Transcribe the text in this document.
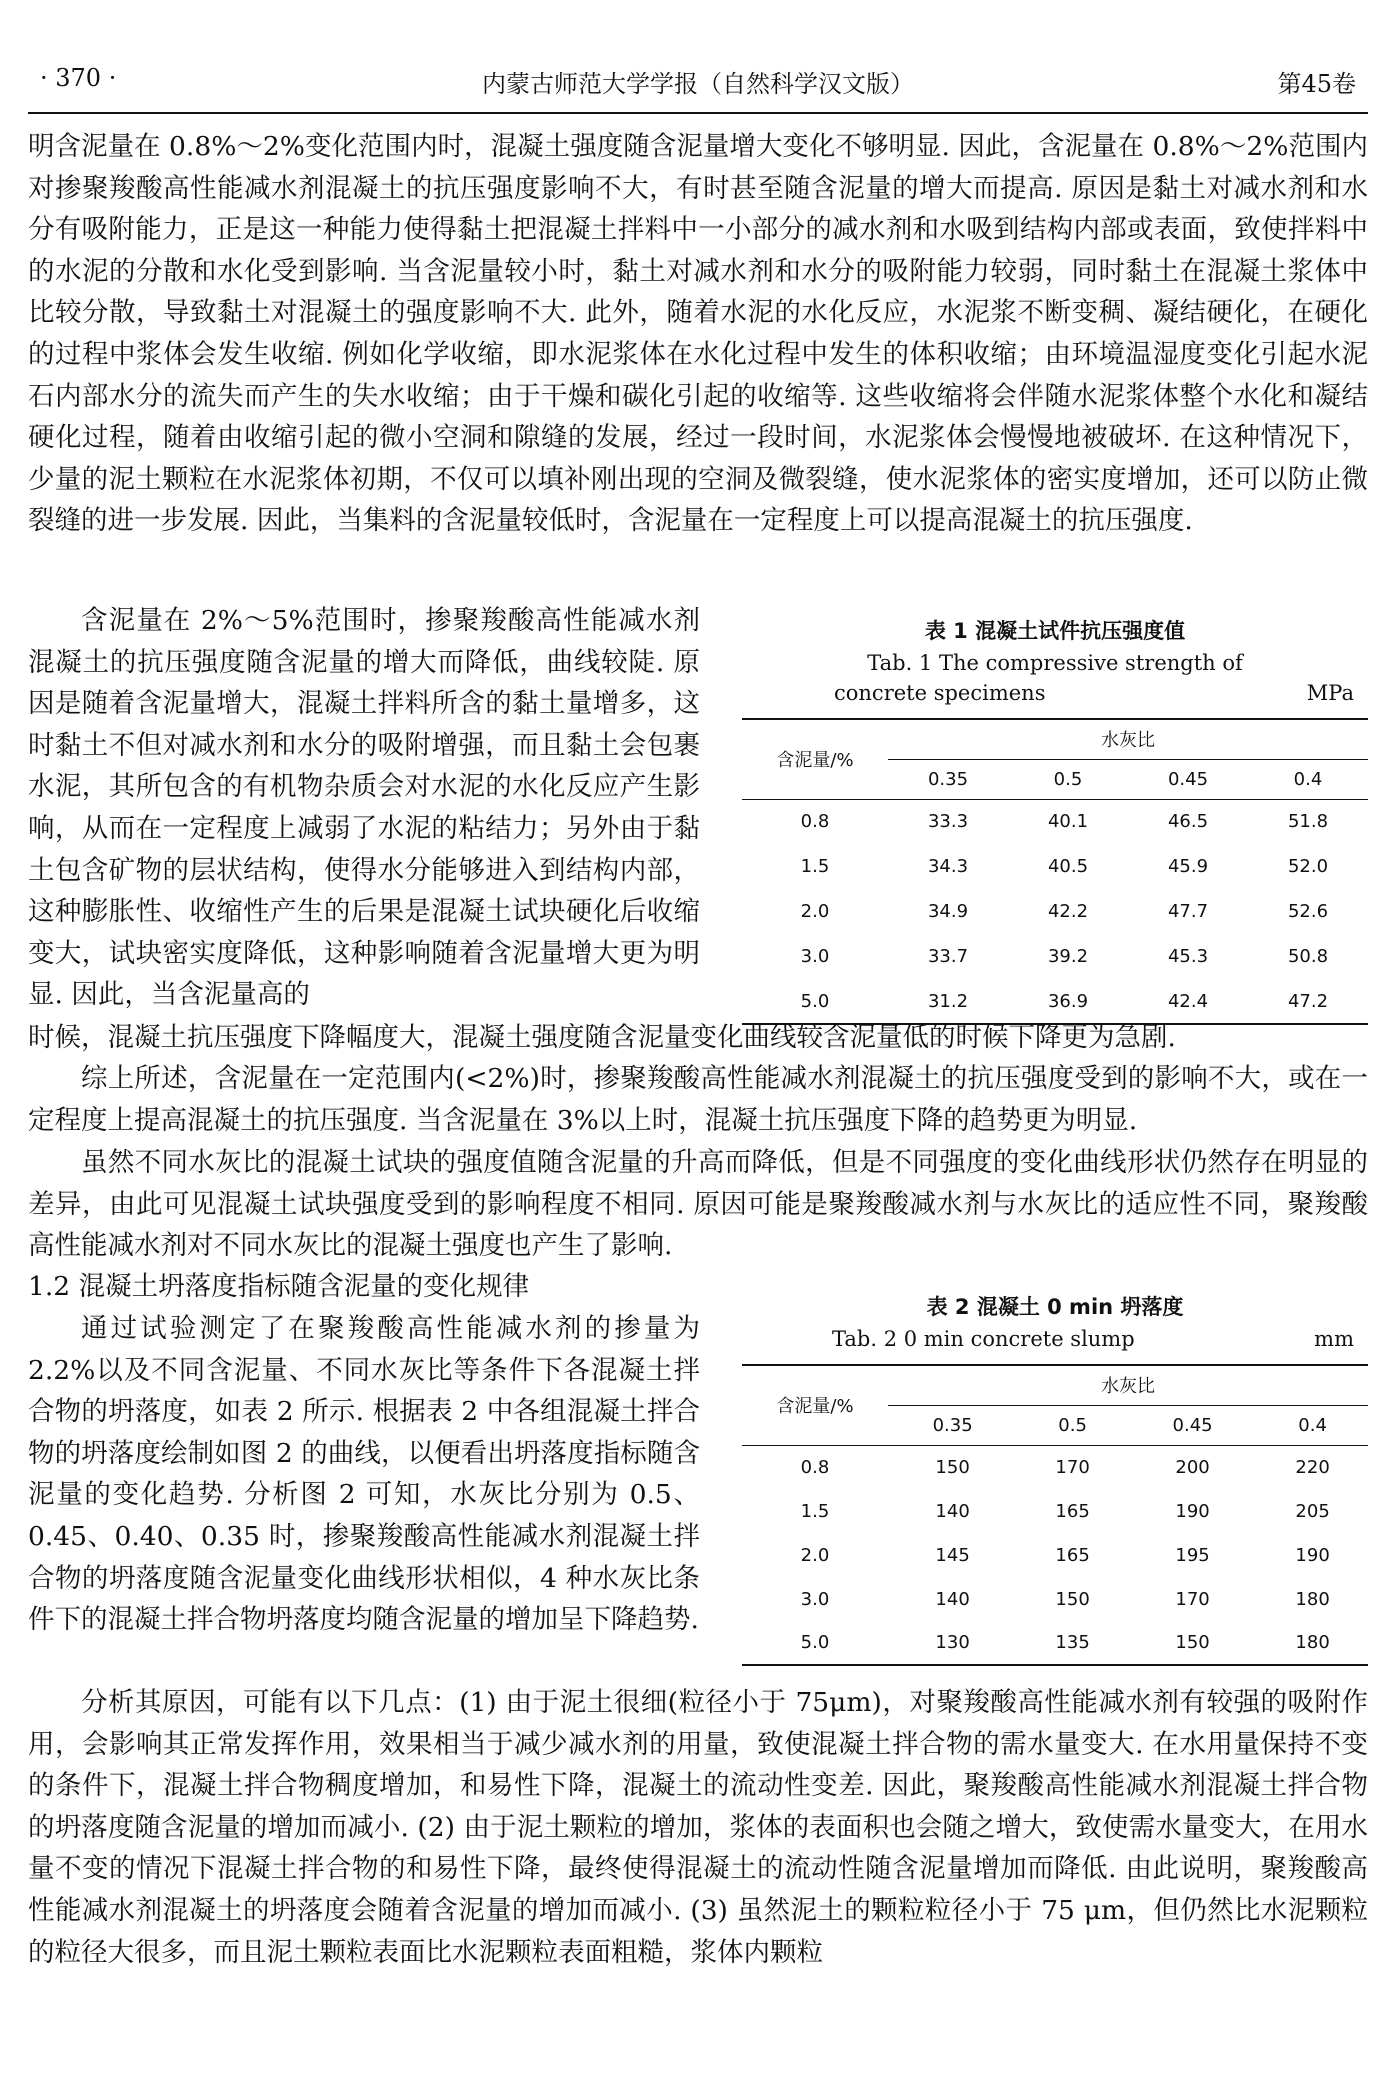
· 370 ·	内蒙古师范大学学报（自然科学汉文版）	第45卷

明含泥量在 0.8%～2%变化范围内时，混凝土强度随含泥量增大变化不够明显. 因此，含泥量在 0.8%～2%范围内对掺聚羧酸高性能减水剂混凝土的抗压强度影响不大，有时甚至随含泥量的增大而提高. 原因是黏土对减水剂和水分有吸附能力，正是这一种能力使得黏土把混凝土拌料中一小部分的减水剂和水吸到结构内部或表面，致使拌料中的水泥的分散和水化受到影响. 当含泥量较小时，黏土对减水剂和水分的吸附能力较弱，同时黏土在混凝土浆体中比较分散，导致黏土对混凝土的强度影响不大. 此外，随着水泥的水化反应，水泥浆不断变稠、凝结硬化，在硬化的过程中浆体会发生收缩. 例如化学收缩，即水泥浆体在水化过程中发生的体积收缩；由环境温湿度变化引起水泥石内部水分的流失而产生的失水收缩；由于干燥和碳化引起的收缩等. 这些收缩将会伴随水泥浆体整个水化和凝结硬化过程，随着由收缩引起的微小空洞和隙缝的发展，经过一段时间，水泥浆体会慢慢地被破坏. 在这种情况下，少量的泥土颗粒在水泥浆体初期，不仅可以填补刚出现的空洞及微裂缝，使水泥浆体的密实度增加，还可以防止微裂缝的进一步发展. 因此，当集料的含泥量较低时，含泥量在一定程度上可以提高混凝土的抗压强度.

含泥量在 2%～5%范围时，掺聚羧酸高性能减水剂混凝土的抗压强度随含泥量的增大而降低，曲线较陡. 原因是随着含泥量增大，混凝土拌料所含的黏土量增多，这时黏土不但对减水剂和水分的吸附增强，而且黏土会包裹水泥，其所包含的有机物杂质会对水泥的水化反应产生影响，从而在一定程度上减弱了水泥的粘结力；另外由于黏土包含矿物的层状结构，使得水分能够进入到结构内部，这种膨胀性、收缩性产生的后果是混凝土试块硬化后收缩变大，试块密实度降低，这种影响随着含泥量增大更为明显. 因此，当含泥量高的

时候，混凝土抗压强度下降幅度大，混凝土强度随含泥量变化曲线较含泥量低的时候下降更为急剧.

综上所述，含泥量在一定范围内(<2%)时，掺聚羧酸高性能减水剂混凝土的抗压强度受到的影响不大，或在一定程度上提高混凝土的抗压强度. 当含泥量在 3%以上时，混凝土抗压强度下降的趋势更为明显.

虽然不同水灰比的混凝土试块的强度值随含泥量的升高而降低，但是不同强度的变化曲线形状仍然存在明显的差异，由此可见混凝土试块强度受到的影响程度不相同. 原因可能是聚羧酸减水剂与水灰比的适应性不同，聚羧酸高性能减水剂对不同水灰比的混凝土强度也产生了影响.

1.2 混凝土坍落度指标随含泥量的变化规律

通过试验测定了在聚羧酸高性能减水剂的掺量为2.2%以及不同含泥量、不同水灰比等条件下各混凝土拌合物的坍落度，如表 2 所示. 根据表 2 中各组混凝土拌合物的坍落度绘制如图 2 的曲线，以便看出坍落度指标随含泥量的变化趋势. 分析图 2 可知，水灰比分别为 0.5、0.45、0.40、0.35 时，掺聚羧酸高性能减水剂混凝土拌合物的坍落度随含泥量变化曲线形状相似，4 种水灰比条件下的混凝土拌合物坍落度均随含泥量的增加呈下降趋势.

分析其原因，可能有以下几点：(1) 由于泥土很细(粒径小于 75μm)，对聚羧酸高性能减水剂有较强的吸附作用，会影响其正常发挥作用，效果相当于减少减水剂的用量，致使混凝土拌合物的需水量变大. 在水用量保持不变的条件下，混凝土拌合物稠度增加，和易性下降，混凝土的流动性变差. 因此，聚羧酸高性能减水剂混凝土拌合物的坍落度随含泥量的增加而减小. (2) 由于泥土颗粒的增加，浆体的表面积也会随之增大，致使需水量变大，在用水量不变的情况下混凝土拌合物的和易性下降，最终使得混凝土的流动性随含泥量增加而降低. 由此说明，聚羧酸高性能减水剂混凝土的坍落度会随着含泥量的增加而减小. (3) 虽然泥土的颗粒粒径小于 75 μm，但仍然比水泥颗粒的粒径大很多，而且泥土颗粒表面比水泥颗粒表面粗糙，浆体内颗粒

表 1 混凝土试件抗压强度值
Tab. 1 The compressive strength of
concrete specimens	MPa
含泥量/%	水灰比			
	0.35	0.5	0.45	0.4
0.8	33.3	40.1	46.5	51.8
1.5	34.3	40.5	45.9	52.0
2.0	34.9	42.2	47.7	52.6
3.0	33.7	39.2	45.3	50.8
5.0	31.2	36.9	42.4	47.2
表 2 混凝土 0 min 坍落度
Tab. 2 0 min concrete slump	mm
含泥量/%	水灰比			
	0.35	0.5	0.45	0.4
0.8	150	170	200	220
1.5	140	165	190	205
2.0	145	165	195	190
3.0	140	150	170	180
5.0	130	135	150	180
